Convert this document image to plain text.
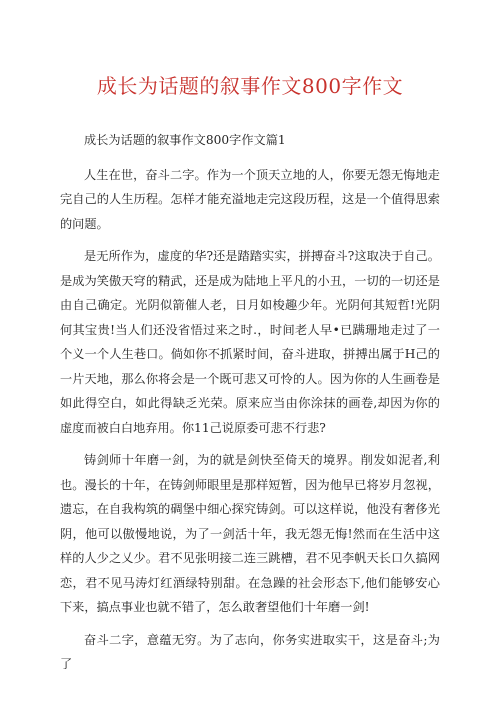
成长为话题的叙事作文800字作文

成长为话题的叙事作文800字作文篇1

人生在世，奋斗二字。作为一个顶天立地的人，你要无怨无悔地走完自己的人生历程。怎样才能充溢地走完这段历程，这是一个值得思索的问题。

是无所作为，虚度的华?还是踏踏实实，拼搏奋斗?这取决于自己。是成为笑傲天穹的精武，还是成为陆地上平凡的小丑，一切的一切还是由自己确定。光阴似箭催人老，日月如梭趣少年。光阴何其短哲!光阴何其宝贵!当人们还没省悟过来之时.，时间老人早•已蹒珊地走过了一个义一个人生巷口。倘如你不抓紧时间，奋斗进取，拼搏出属于H己的一片天地，那么你将会是一个既可悲又可怜的人。因为你的人生画卷是如此得空白，如此得缺乏光荣。原来应当由你涂抹的画卷,却因为你的虚度而被白白地弃用。你11己说原委可悲不行悲?

铸剑师十年磨一剑，为的就是剑快至倚天的境界。削发如泥者,利也。漫长的十年，在铸剑师眼里是那样短暂，因为他早已将岁月忽视，遗忘，在自我构筑的碉堡中细心探究铸剑。可以这样说，他没有奢侈光阴，他可以傲慢地说，为了一剑活十年，我无怨无悔!然而在生活中这样的人少之乂少。君不见张明接二连三跳槽，君不见李帆天长口久搞网恋，君不见马涛灯红酒绿特别甜。在急躁的社会形态下,他们能够安心下来，搞点事业也就不错了，怎么敢奢望他们十年磨一剑!

奋斗二字，意蕴无穷。为了志向，你务实进取实干，这是奋斗;为了
